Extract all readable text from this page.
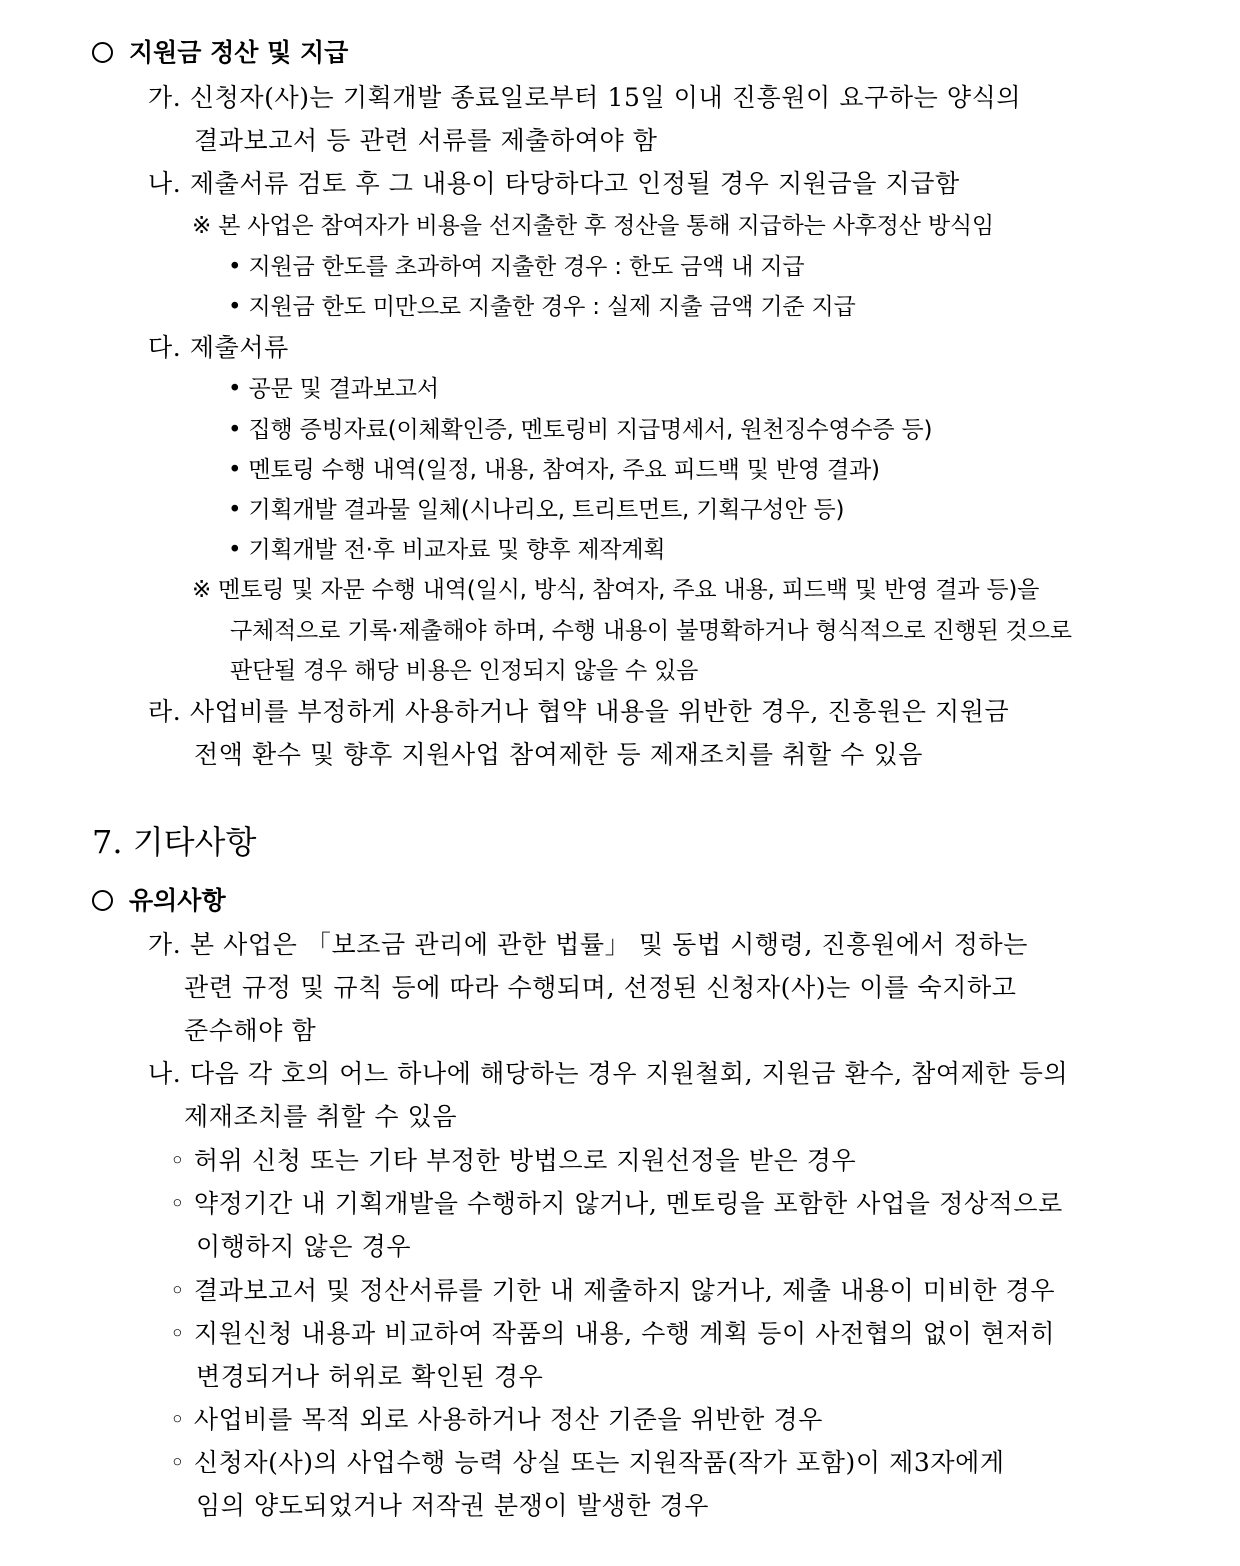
지원금 정산 및 지급
가. 신청자(사)는 기획개발 종료일로부터 15일 이내 진흥원이 요구하는 양식의
결과보고서 등 관련 서류를 제출하여야 함
나. 제출서류 검토 후 그 내용이 타당하다고 인정될 경우 지원금을 지급함
※ 본 사업은 참여자가 비용을 선지출한 후 정산을 통해 지급하는 사후정산 방식임
• 지원금 한도를 초과하여 지출한 경우 : 한도 금액 내 지급
• 지원금 한도 미만으로 지출한 경우 : 실제 지출 금액 기준 지급
다. 제출서류
• 공문 및 결과보고서
• 집행 증빙자료(이체확인증, 멘토링비 지급명세서, 원천징수영수증 등)
• 멘토링 수행 내역(일정, 내용, 참여자, 주요 피드백 및 반영 결과)
• 기획개발 결과물 일체(시나리오, 트리트먼트, 기획구성안 등)
• 기획개발 전·후 비교자료 및 향후 제작계획
※ 멘토링 및 자문 수행 내역(일시, 방식, 참여자, 주요 내용, 피드백 및 반영 결과 등)을
구체적으로 기록·제출해야 하며, 수행 내용이 불명확하거나 형식적으로 진행된 것으로
판단될 경우 해당 비용은 인정되지 않을 수 있음
라. 사업비를 부정하게 사용하거나 협약 내용을 위반한 경우, 진흥원은 지원금
전액 환수 및 향후 지원사업 참여제한 등 제재조치를 취할 수 있음
7. 기타사항
유의사항
가. 본 사업은 「보조금 관리에 관한 법률」 및 동법 시행령, 진흥원에서 정하는
관련 규정 및 규칙 등에 따라 수행되며, 선정된 신청자(사)는 이를 숙지하고
준수해야 함
나. 다음 각 호의 어느 하나에 해당하는 경우 지원철회, 지원금 환수, 참여제한 등의
제재조치를 취할 수 있음
◦ 허위 신청 또는 기타 부정한 방법으로 지원선정을 받은 경우
◦ 약정기간 내 기획개발을 수행하지 않거나, 멘토링을 포함한 사업을 정상적으로
이행하지 않은 경우
◦ 결과보고서 및 정산서류를 기한 내 제출하지 않거나, 제출 내용이 미비한 경우
◦ 지원신청 내용과 비교하여 작품의 내용, 수행 계획 등이 사전협의 없이 현저히
변경되거나 허위로 확인된 경우
◦ 사업비를 목적 외로 사용하거나 정산 기준을 위반한 경우
◦ 신청자(사)의 사업수행 능력 상실 또는 지원작품(작가 포함)이 제3자에게
임의 양도되었거나 저작권 분쟁이 발생한 경우
